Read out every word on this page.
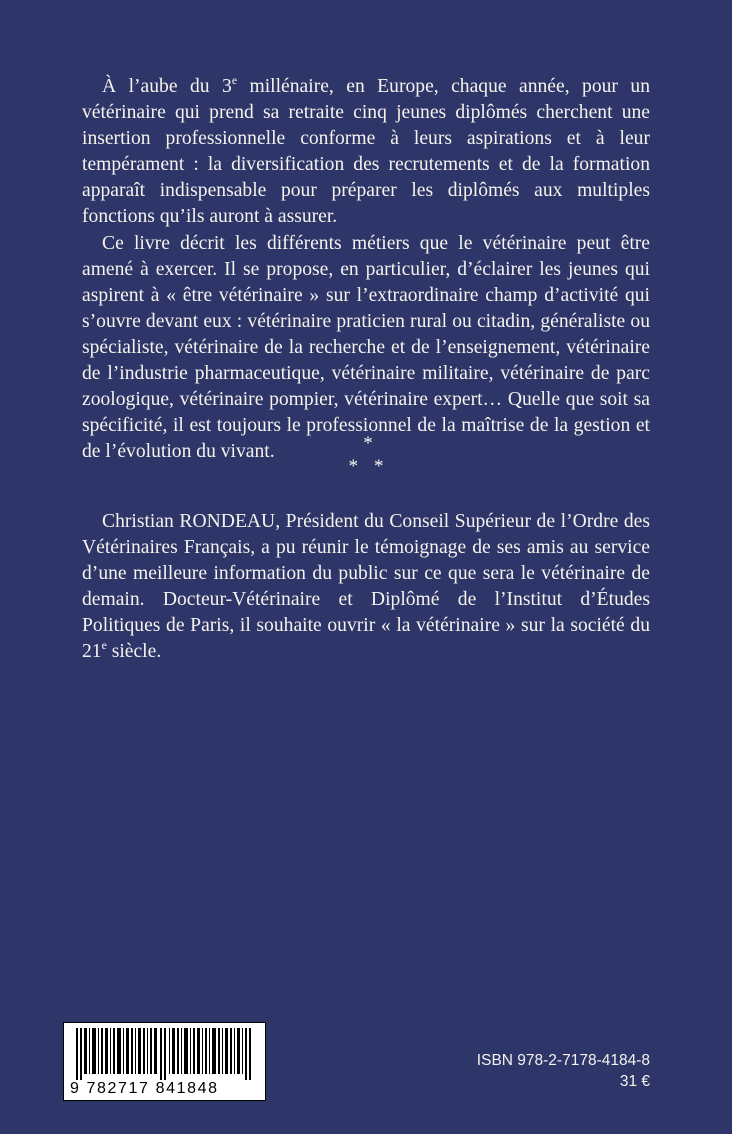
À l’aube du 3e millénaire, en Europe, chaque année, pour un vétérinaire qui prend sa retraite cinq jeunes diplômés cherchent une insertion professionnelle conforme à leurs aspirations et à leur tempérament : la diversification des recrutements et de la formation apparaît indispensable pour préparer les diplômés aux multiples fonctions qu’ils auront à assurer.

Ce livre décrit les différents métiers que le vétérinaire peut être amené à exercer. Il se propose, en particulier, d’éclairer les jeunes qui aspirent à « être vétérinaire » sur l’extraordinaire champ d’activité qui s’ouvre devant eux : vétérinaire praticien rural ou citadin, généraliste ou spécialiste, vétérinaire de la recherche et de l’enseignement, vétérinaire de l’industrie pharmaceutique, vétérinaire militaire, vétérinaire de parc zoologique, vétérinaire pompier, vétérinaire expert… Quelle que soit sa spécificité, il est toujours le professionnel de la maîtrise de la gestion et de l’évolution du vivant.	*
* *

Christian RONDEAU, Président du Conseil Supérieur de l’Ordre des Vétérinaires Français, a pu réunir le témoignage de ses amis au service d’une meilleure information du public sur ce que sera le vétérinaire de demain. Docteur-Vétérinaire et Diplômé de l’Institut d’Études Politiques de Paris, il souhaite ouvrir « la vétérinaire » sur la société du 21e siècle.

9 782717 841848
ISBN 978-2-7178-4184-8
31 €
